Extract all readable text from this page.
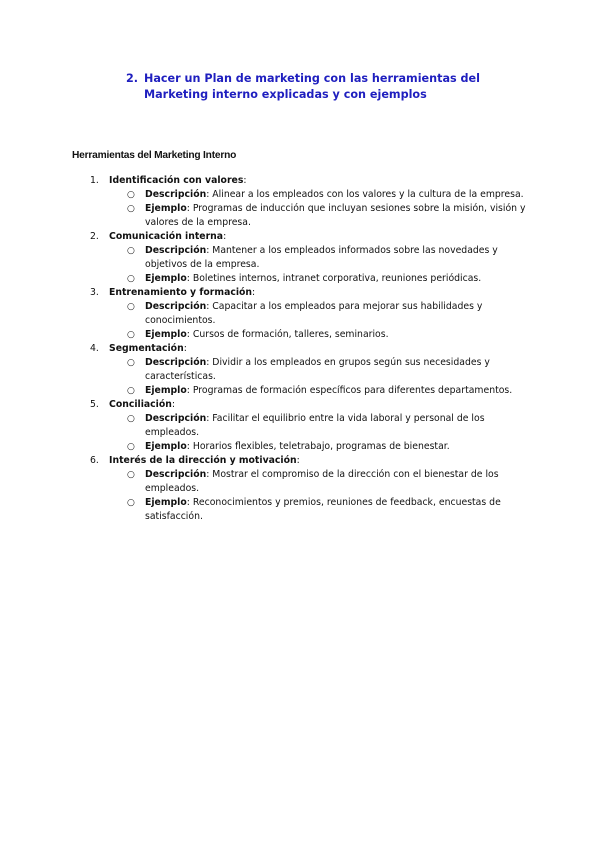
2. Hacer un Plan de marketing con las herramientas del Marketing interno explicadas y con ejemplos
Herramientas del Marketing Interno
1. Identificación con valores:
○ Descripción: Alinear a los empleados con los valores y la cultura de la empresa.
○ Ejemplo: Programas de inducción que incluyan sesiones sobre la misión, visión y valores de la empresa.
2. Comunicación interna:
○ Descripción: Mantener a los empleados informados sobre las novedades y objetivos de la empresa.
○ Ejemplo: Boletines internos, intranet corporativa, reuniones periódicas.
3. Entrenamiento y formación:
○ Descripción: Capacitar a los empleados para mejorar sus habilidades y conocimientos.
○ Ejemplo: Cursos de formación, talleres, seminarios.
4. Segmentación:
○ Descripción: Dividir a los empleados en grupos según sus necesidades y características.
○ Ejemplo: Programas de formación específicos para diferentes departamentos.
5. Conciliación:
○ Descripción: Facilitar el equilibrio entre la vida laboral y personal de los empleados.
○ Ejemplo: Horarios flexibles, teletrabajo, programas de bienestar.
6. Interés de la dirección y motivación:
○ Descripción: Mostrar el compromiso de la dirección con el bienestar de los empleados.
○ Ejemplo: Reconocimientos y premios, reuniones de feedback, encuestas de satisfacción.
